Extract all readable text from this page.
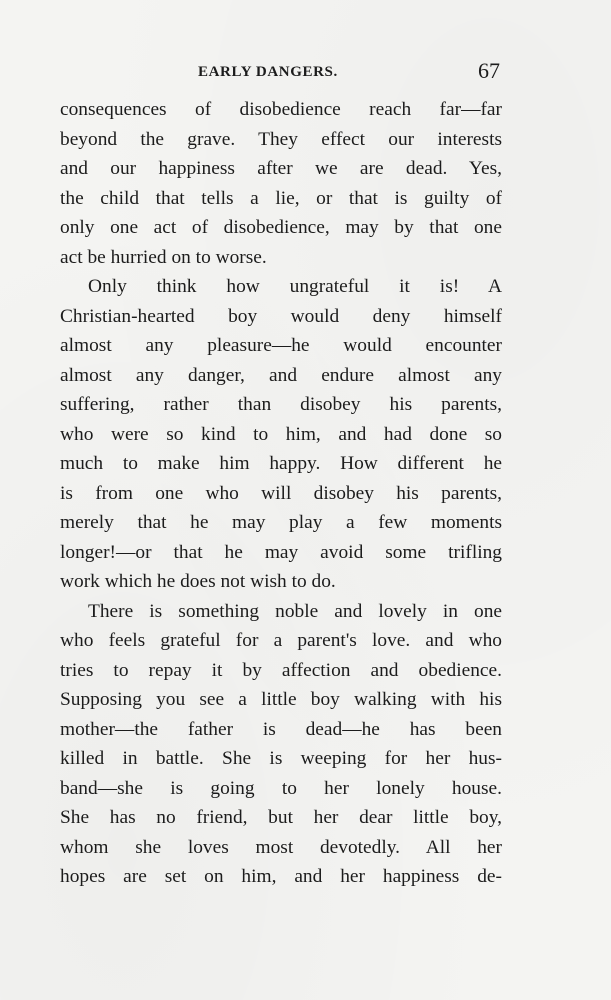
EARLY DANGERS.	67
consequences of disobedience reach far—far
beyond the grave. They effect our interests
and our happiness after we are dead. Yes,
the child that tells a lie, or that is guilty of
only one act of disobedience, may by that one
act be hurried on to worse.
Only think how ungrateful it is! A
Christian-hearted boy would deny himself
almost any pleasure—he would encounter
almost any danger, and endure almost any
suffering, rather than disobey his parents,
who were so kind to him, and had done so
much to make him happy. How different he
is from one who will disobey his parents,
merely that he may play a few moments
longer!—or that he may avoid some trifling
work which he does not wish to do.
There is something noble and lovely in one
who feels grateful for a parent's love. and who
tries to repay it by affection and obedience.
Supposing you see a little boy walking with his
mother—the father is dead—he has been
killed in battle. She is weeping for her hus-
band—she is going to her lonely house.
She has no friend, but her dear little boy,
whom she loves most devotedly. All her
hopes are set on him, and her happiness de-
